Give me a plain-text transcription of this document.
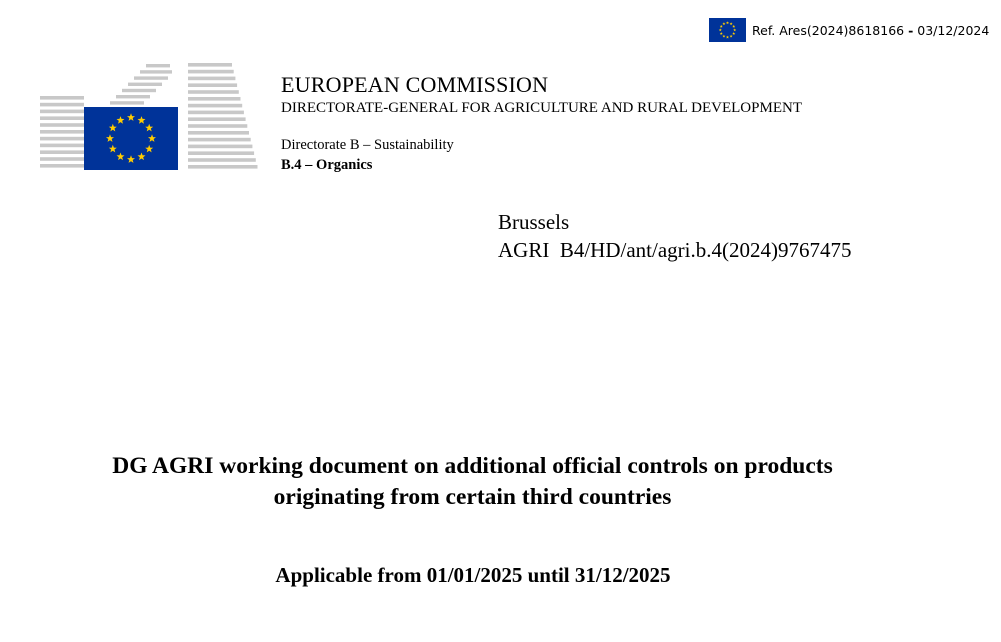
Ref. Ares(2024)8618166 - 03/12/2024
EUROPEAN COMMISSION
DIRECTORATE-GENERAL FOR AGRICULTURE AND RURAL DEVELOPMENT
Directorate B – Sustainability
B.4 – Organics
Brussels
AGRI  B4/HD/ant/agri.b.4(2024)9767475
DG AGRI working document on additional official controls on products
originating from certain third countries
Applicable from 01/01/2025 until 31/12/2025
